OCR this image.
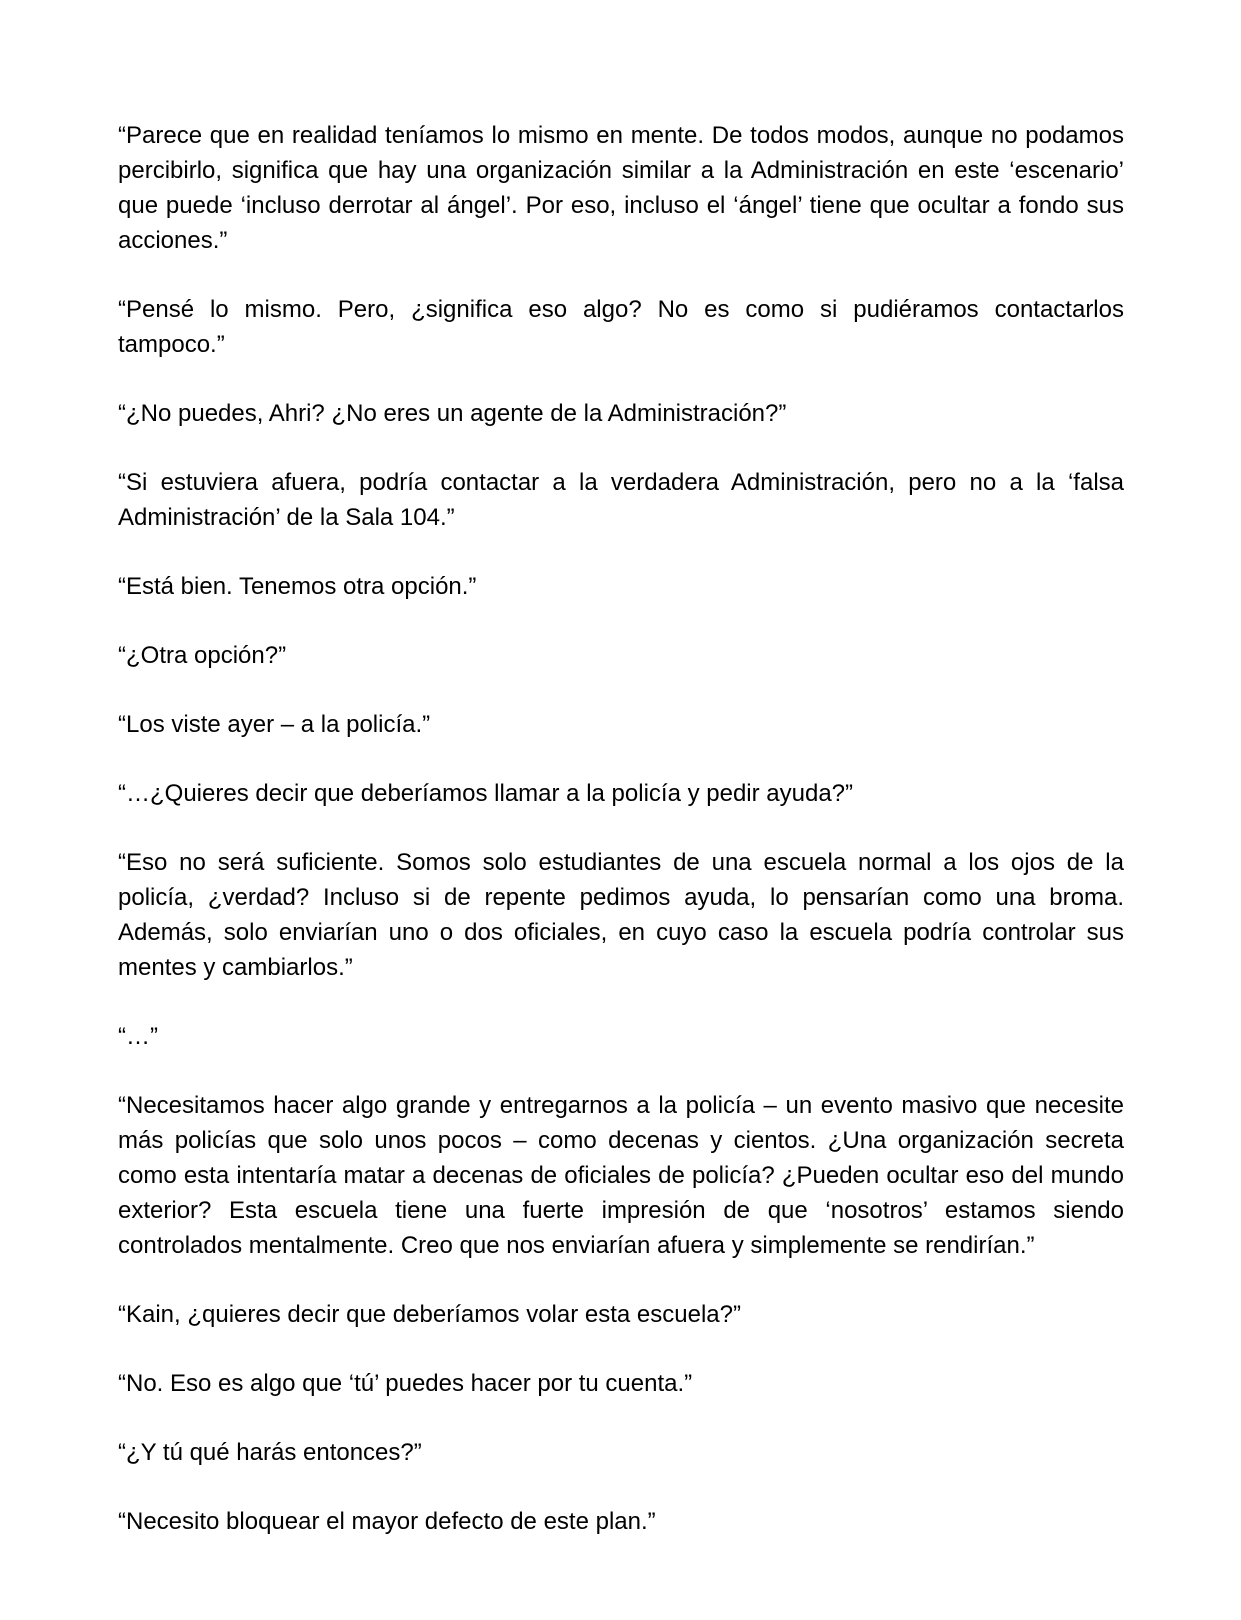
“Parece que en realidad teníamos lo mismo en mente. De todos modos, aunque no podamos percibirlo, significa que hay una organización similar a la Administración en este ‘escenario’ que puede ‘incluso derrotar al ángel’. Por eso, incluso el ‘ángel’ tiene que ocultar a fondo sus acciones.”

“Pensé lo mismo. Pero, ¿significa eso algo? No es como si pudiéramos contactarlos tampoco.”

“¿No puedes, Ahri? ¿No eres un agente de la Administración?”

“Si estuviera afuera, podría contactar a la verdadera Administración, pero no a la ‘falsa Administración’ de la Sala 104.”

“Está bien. Tenemos otra opción.”

“¿Otra opción?”

“Los viste ayer – a la policía.”

“…¿Quieres decir que deberíamos llamar a la policía y pedir ayuda?”

“Eso no será suficiente. Somos solo estudiantes de una escuela normal a los ojos de la policía, ¿verdad? Incluso si de repente pedimos ayuda, lo pensarían como una broma. Además, solo enviarían uno o dos oficiales, en cuyo caso la escuela podría controlar sus mentes y cambiarlos.”

“…”

“Necesitamos hacer algo grande y entregarnos a la policía – un evento masivo que necesite más policías que solo unos pocos – como decenas y cientos. ¿Una organización secreta como esta intentaría matar a decenas de oficiales de policía? ¿Pueden ocultar eso del mundo exterior? Esta escuela tiene una fuerte impresión de que ‘nosotros’ estamos siendo controlados mentalmente. Creo que nos enviarían afuera y simplemente se rendirían.”

“Kain, ¿quieres decir que deberíamos volar esta escuela?”

“No. Eso es algo que ‘tú’ puedes hacer por tu cuenta.”

“¿Y tú qué harás entonces?”

“Necesito bloquear el mayor defecto de este plan.”
